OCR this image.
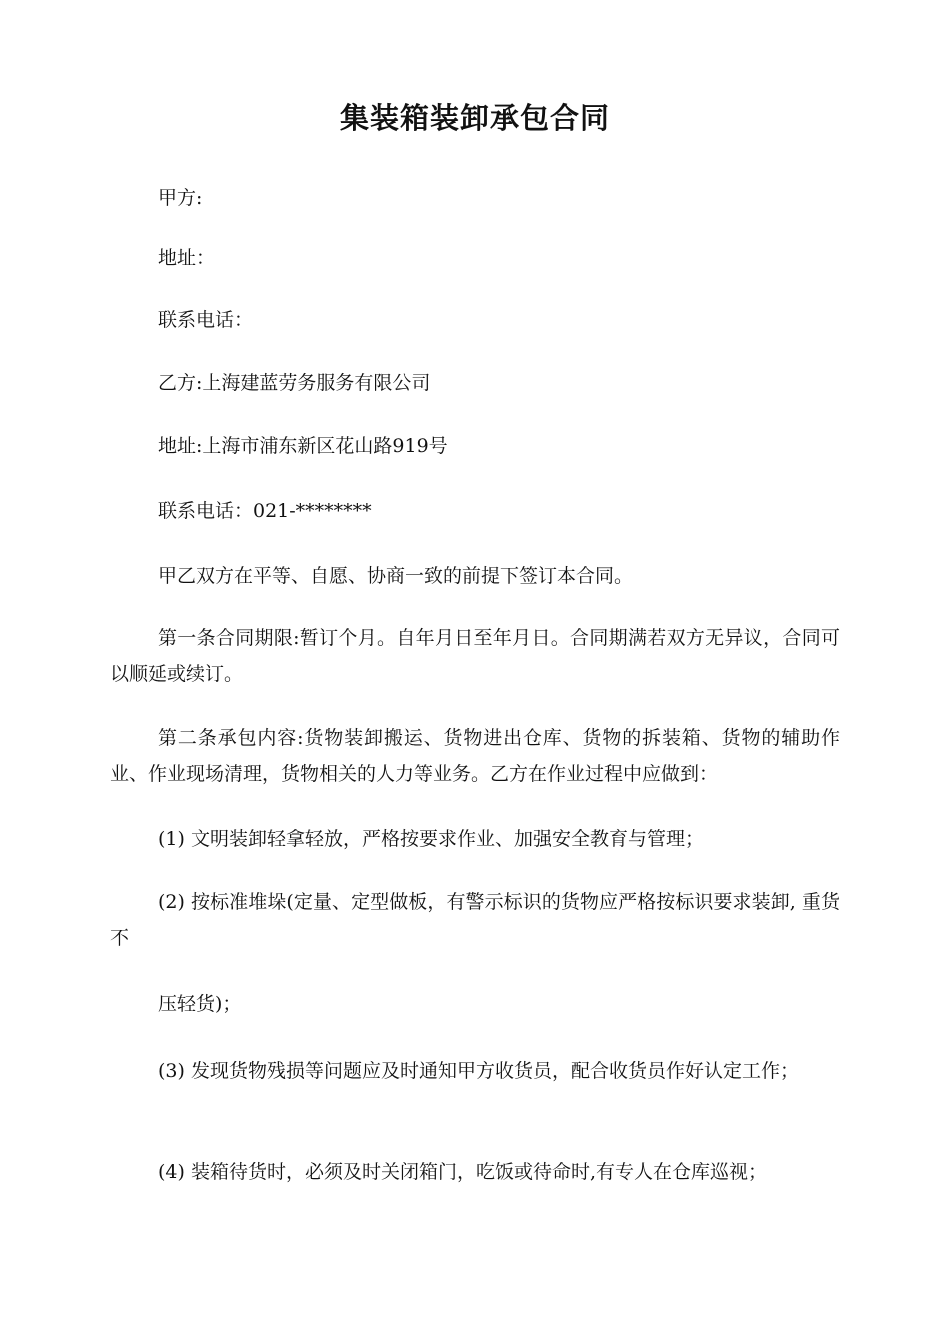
集装箱装卸承包合同

甲方:

地址：

联系电话：

乙方:上海建蓝劳务服务有限公司

地址:上海市浦东新区花山路919号

联系电话：021-********

甲乙双方在平等、自愿、协商一致的前提下签订本合同。

第一条合同期限:暂订个月。自年月日至年月日。合同期满若双方无异议，合同可以顺延或续订。

第二条承包内容:货物装卸搬运、货物进出仓库、货物的拆装箱、货物的辅助作业、作业现场清理，货物相关的人力等业务。乙方在作业过程中应做到：

(1) 文明装卸轻拿轻放，严格按要求作业、加强安全教育与管理；

(2) 按标准堆垛(定量、定型做板，有警示标识的货物应严格按标识要求装卸, 重货不

压轻货)；

(3) 发现货物残损等问题应及时通知甲方收货员，配合收货员作好认定工作；

(4) 装箱待货时，必须及时关闭箱门，吃饭或待命时,有专人在仓库巡视；
